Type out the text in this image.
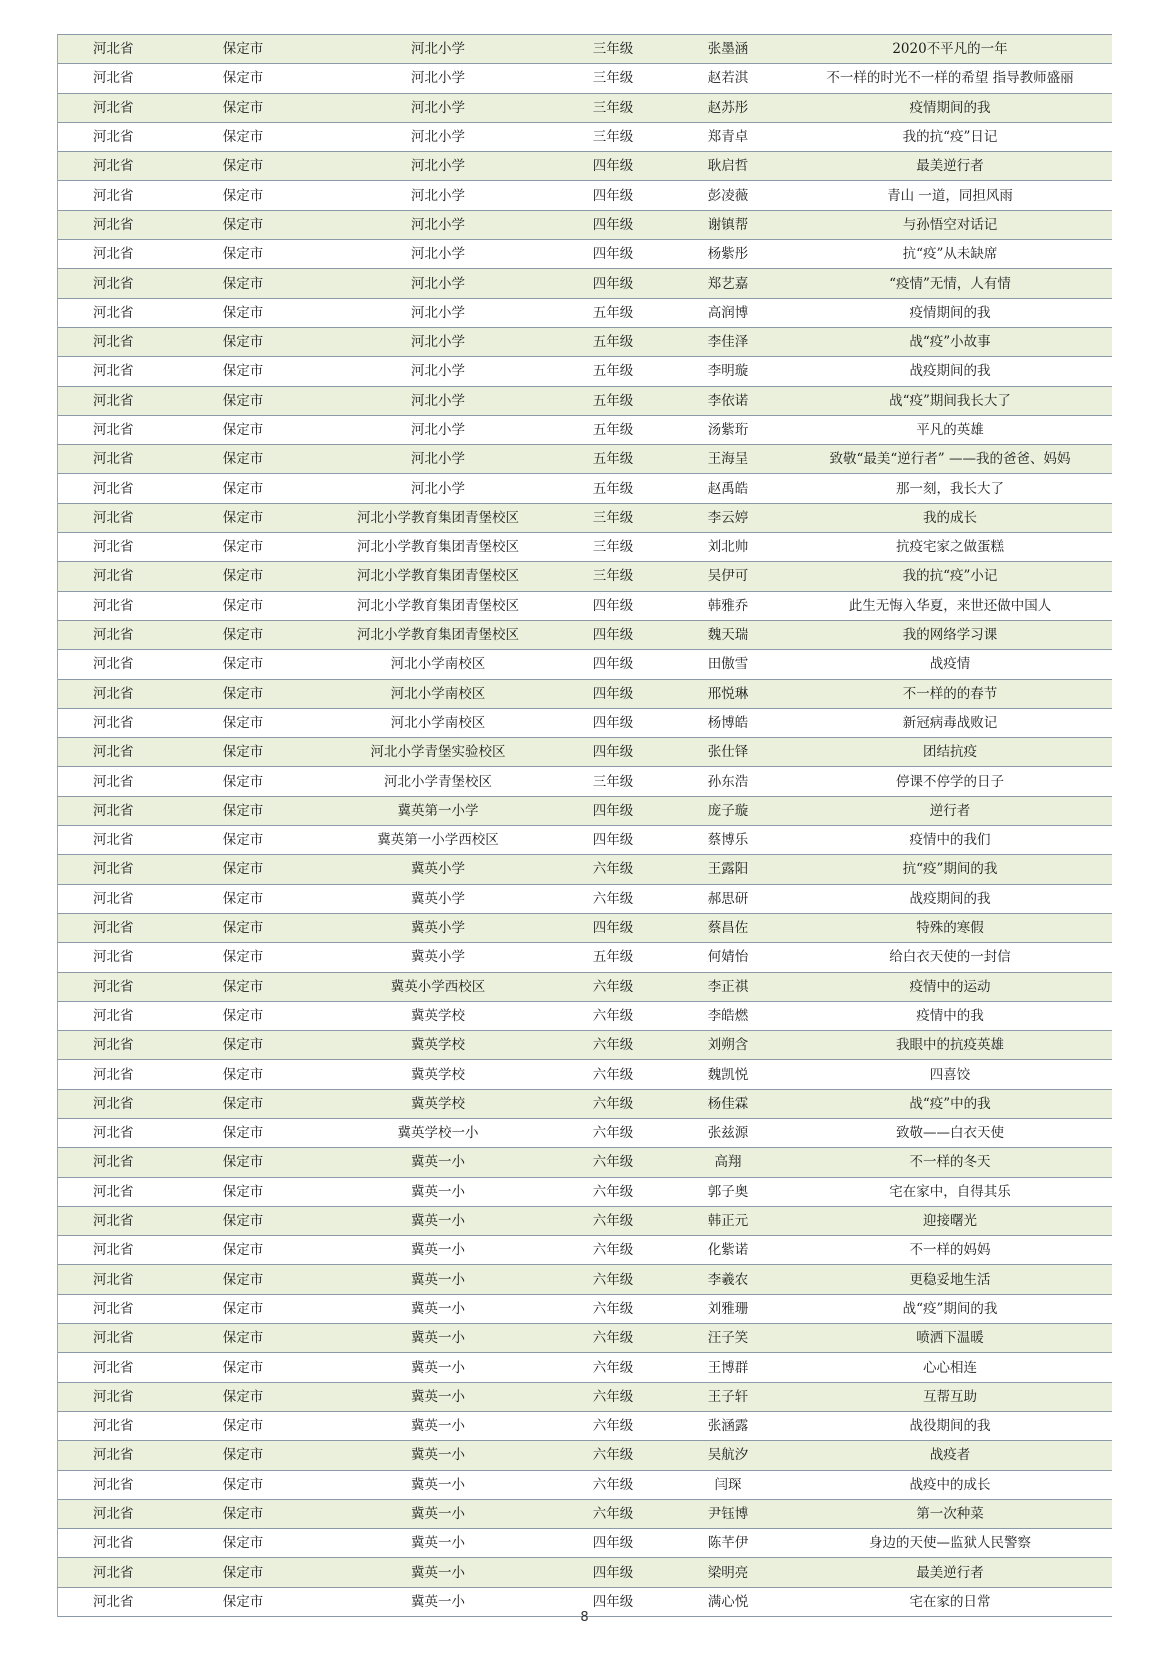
河北省	保定市	河北小学	三年级	张墨涵	2020不平凡的一年
河北省	保定市	河北小学	三年级	赵若淇	不一样的时光不一样的希望 指导教师盛丽
河北省	保定市	河北小学	三年级	赵苏彤	疫情期间的我
河北省	保定市	河北小学	三年级	郑青卓	我的抗“疫”日记
河北省	保定市	河北小学	四年级	耿启哲	最美逆行者
河北省	保定市	河北小学	四年级	彭凌薇	青山 一道，同担风雨
河北省	保定市	河北小学	四年级	谢镇帮	与孙悟空对话记
河北省	保定市	河北小学	四年级	杨紫彤	抗“疫”从未缺席
河北省	保定市	河北小学	四年级	郑艺嘉	“疫情”无情，人有情
河北省	保定市	河北小学	五年级	高润博	疫情期间的我
河北省	保定市	河北小学	五年级	李佳泽	战“疫”小故事
河北省	保定市	河北小学	五年级	李明璇	战疫期间的我
河北省	保定市	河北小学	五年级	李依诺	战“疫”期间我长大了
河北省	保定市	河北小学	五年级	汤紫珩	平凡的英雄
河北省	保定市	河北小学	五年级	王海呈	致敬“最美“逆行者” ——我的爸爸、妈妈
河北省	保定市	河北小学	五年级	赵禹皓	那一刻，我长大了
河北省	保定市	河北小学教育集团青堡校区	三年级	李云婷	我的成长
河北省	保定市	河北小学教育集团青堡校区	三年级	刘北帅	抗疫宅家之做蛋糕
河北省	保定市	河北小学教育集团青堡校区	三年级	吴伊可	我的抗“疫”小记
河北省	保定市	河北小学教育集团青堡校区	四年级	韩雅乔	此生无悔入华夏，来世还做中国人
河北省	保定市	河北小学教育集团青堡校区	四年级	魏天瑞	我的网络学习课
河北省	保定市	河北小学南校区	四年级	田傲雪	战疫情
河北省	保定市	河北小学南校区	四年级	邢悦琳	不一样的的春节
河北省	保定市	河北小学南校区	四年级	杨博皓	新冠病毒战败记
河北省	保定市	河北小学青堡实验校区	四年级	张仕铎	团结抗疫
河北省	保定市	河北小学青堡校区	三年级	孙东浩	停课不停学的日子
河北省	保定市	冀英第一小学	四年级	庞子璇	逆行者
河北省	保定市	冀英第一小学西校区	四年级	蔡博乐	疫情中的我们
河北省	保定市	冀英小学	六年级	王露阳	抗“疫”期间的我
河北省	保定市	冀英小学	六年级	郝思研	战疫期间的我
河北省	保定市	冀英小学	四年级	蔡昌佐	特殊的寒假
河北省	保定市	冀英小学	五年级	何婧怡	给白衣天使的一封信
河北省	保定市	冀英小学西校区	六年级	李正祺	疫情中的运动
河北省	保定市	冀英学校	六年级	李皓燃	疫情中的我
河北省	保定市	冀英学校	六年级	刘朔含	我眼中的抗疫英雄
河北省	保定市	冀英学校	六年级	魏凯悦	四喜饺
河北省	保定市	冀英学校	六年级	杨佳霖	战“疫”中的我
河北省	保定市	冀英学校一小	六年级	张兹源	致敬——白衣天使
河北省	保定市	冀英一小	六年级	高翔	不一样的冬天
河北省	保定市	冀英一小	六年级	郭子奥	宅在家中，自得其乐
河北省	保定市	冀英一小	六年级	韩正元	迎接曙光
河北省	保定市	冀英一小	六年级	化紫诺	不一样的妈妈
河北省	保定市	冀英一小	六年级	李羲农	更稳妥地生活
河北省	保定市	冀英一小	六年级	刘雅珊	战“疫”期间的我
河北省	保定市	冀英一小	六年级	汪子笑	喷洒下温暖
河北省	保定市	冀英一小	六年级	王博群	心心相连
河北省	保定市	冀英一小	六年级	王子轩	互帮互助
河北省	保定市	冀英一小	六年级	张涵露	战役期间的我
河北省	保定市	冀英一小	六年级	吴航汐	战疫者
河北省	保定市	冀英一小	六年级	闫琛	战疫中的成长
河北省	保定市	冀英一小	六年级	尹钰博	第一次种菜
河北省	保定市	冀英一小	四年级	陈芊伊	身边的天使—监狱人民警察
河北省	保定市	冀英一小	四年级	梁明亮	最美逆行者
河北省	保定市	冀英一小	四年级	满心悦	宅在家的日常
8
